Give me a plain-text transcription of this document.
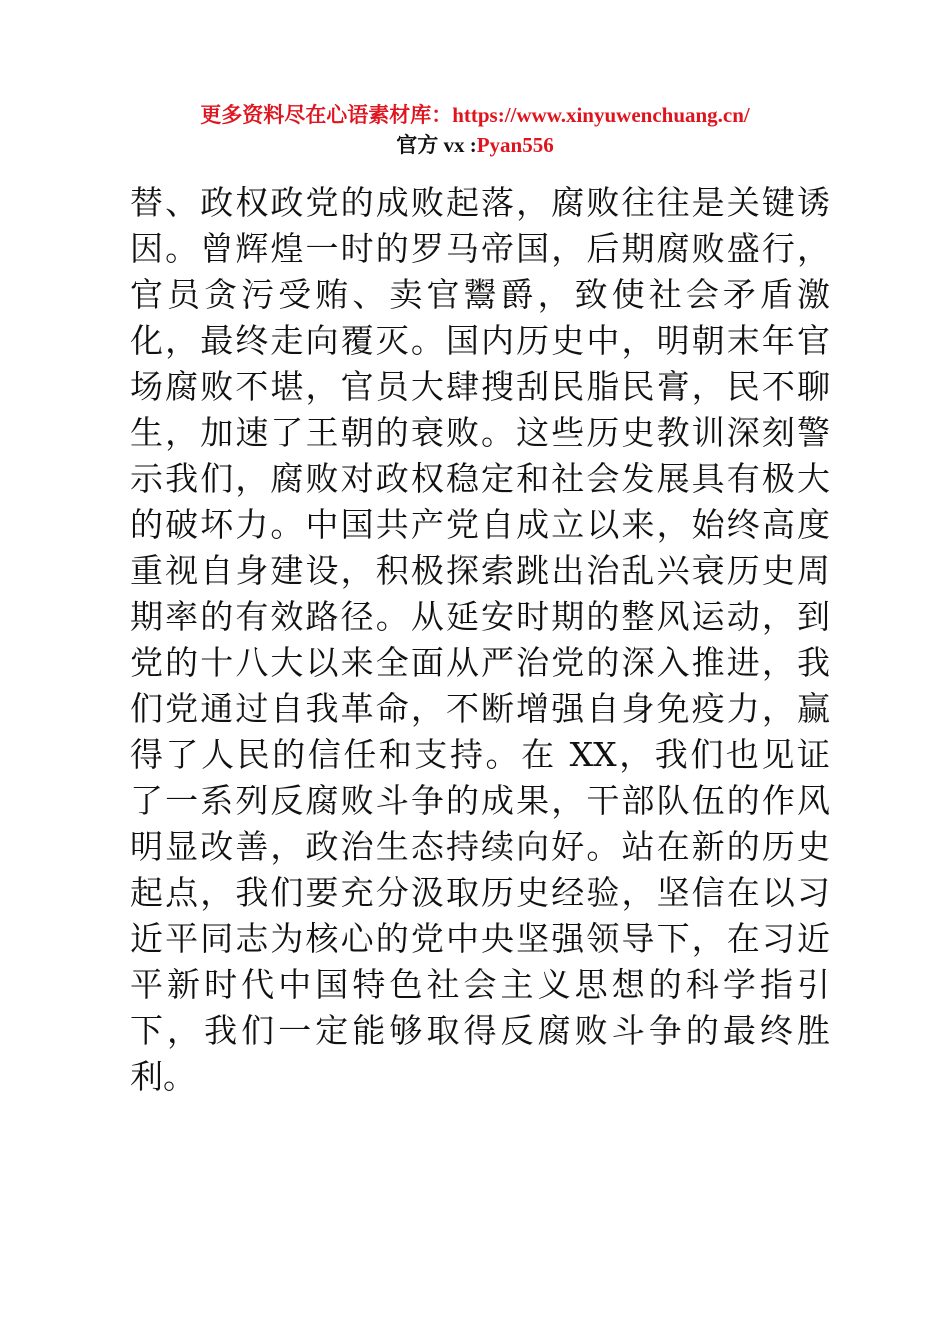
更多资料尽在心语素材库：https://www.xinyuwenchuang.cn/
官方 vx :Pyan556
替、政权政党的成败起落，腐败往往是关键诱
因。曾辉煌一时的罗马帝国，后期腐败盛行，
官员贪污受贿、卖官鬻爵，致使社会矛盾激
化，最终走向覆灭。国内历史中，明朝末年官
场腐败不堪，官员大肆搜刮民脂民膏，民不聊
生，加速了王朝的衰败。这些历史教训深刻警
示我们，腐败对政权稳定和社会发展具有极大
的破坏力。中国共产党自成立以来，始终高度
重视自身建设，积极探索跳出治乱兴衰历史周
期率的有效路径。从延安时期的整风运动，到
党的十八大以来全面从严治党的深入推进，我
们党通过自我革命，不断增强自身免疫力，赢
得了人民的信任和支持。在 XX，我们也见证
了一系列反腐败斗争的成果，干部队伍的作风
明显改善，政治生态持续向好。站在新的历史
起点，我们要充分汲取历史经验，坚信在以习
近平同志为核心的党中央坚强领导下，在习近
平新时代中国特色社会主义思想的科学指引
下，我们一定能够取得反腐败斗争的最终胜
利。
